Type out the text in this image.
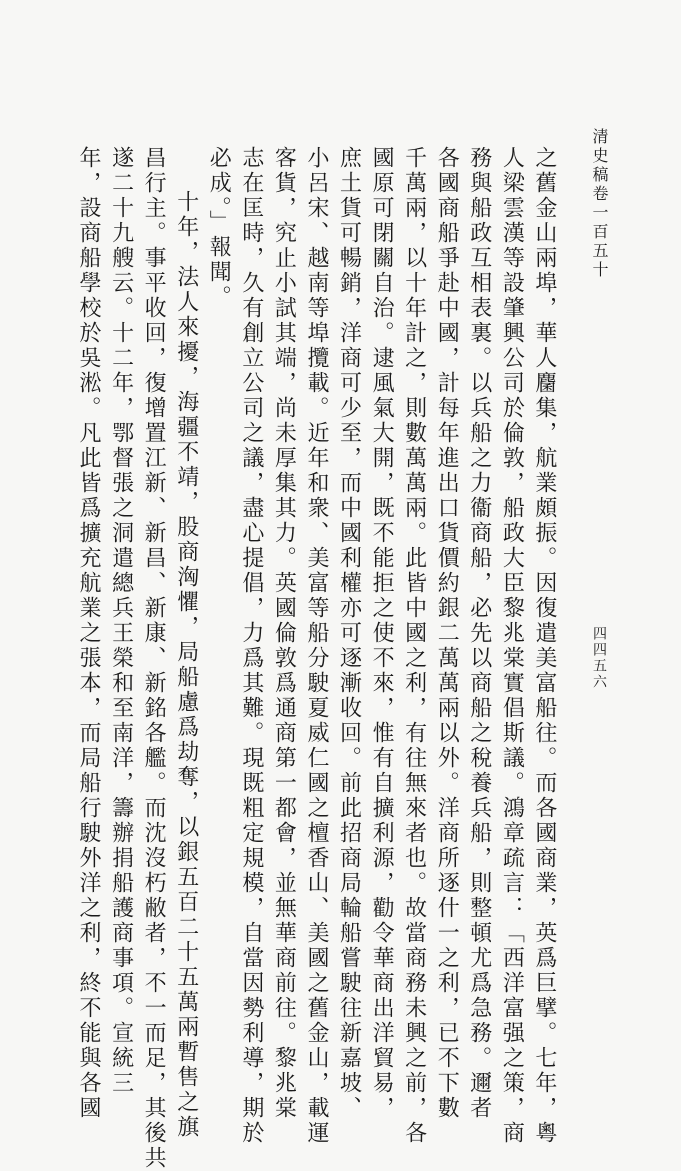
清史稿卷一百五十
四四五六
之舊金山兩埠，華人麕集，航業頗振。因復遣美富船往。而各國商業，英爲巨擘。七年，粵
人梁雲漢等設肇興公司於倫敦，船政大臣黎兆棠實倡斯議。鴻章疏言：「西洋富强之策，商
務與船政互相表裏。以兵船之力衞商船，必先以商船之稅養兵船，則整頓尤爲急務。邇者
各國商船爭赴中國，計每年進出口貨價約銀二萬萬兩以外。洋商所逐什一之利，已不下數
千萬兩，以十年計之，則數萬萬兩。此皆中國之利，有往無來者也。故當商務未興之前，各
國原可閉關自治。逮風氣大開，既不能拒之使不來，惟有自擴利源，勸令華商出洋貿易，
庶土貨可暢銷，洋商可少至，而中國利權亦可逐漸收回。前此招商局輪船嘗駛往新嘉坡、
小呂宋、越南等埠攬載。近年和衆、美富等船分駛夏威仁國之檀香山、美國之舊金山，載運
客貨，究止小試其端，尚未厚集其力。英國倫敦爲通商第一都會，並無華商前往。黎兆棠
志在匡時，久有創立公司之議，盡心提倡，力爲其難。現既粗定規模，自當因勢利導，期於
必成。」報聞。
十年，法人來擾，海疆不靖，股商洶懼，局船慮爲劫奪，以銀五百二十五萬兩暫售之旗
昌行主。事平收回，復增置江新、新昌、新康、新銘各艦。而沈沒朽敝者，不一而足，其後共
遂二十九艘云。十二年，鄂督張之洞遣總兵王榮和至南洋，籌辦捐船護商事項。宣統三
年，設商船學校於吳淞。凡此皆爲擴充航業之張本，而局船行駛外洋之利，終不能與各國
